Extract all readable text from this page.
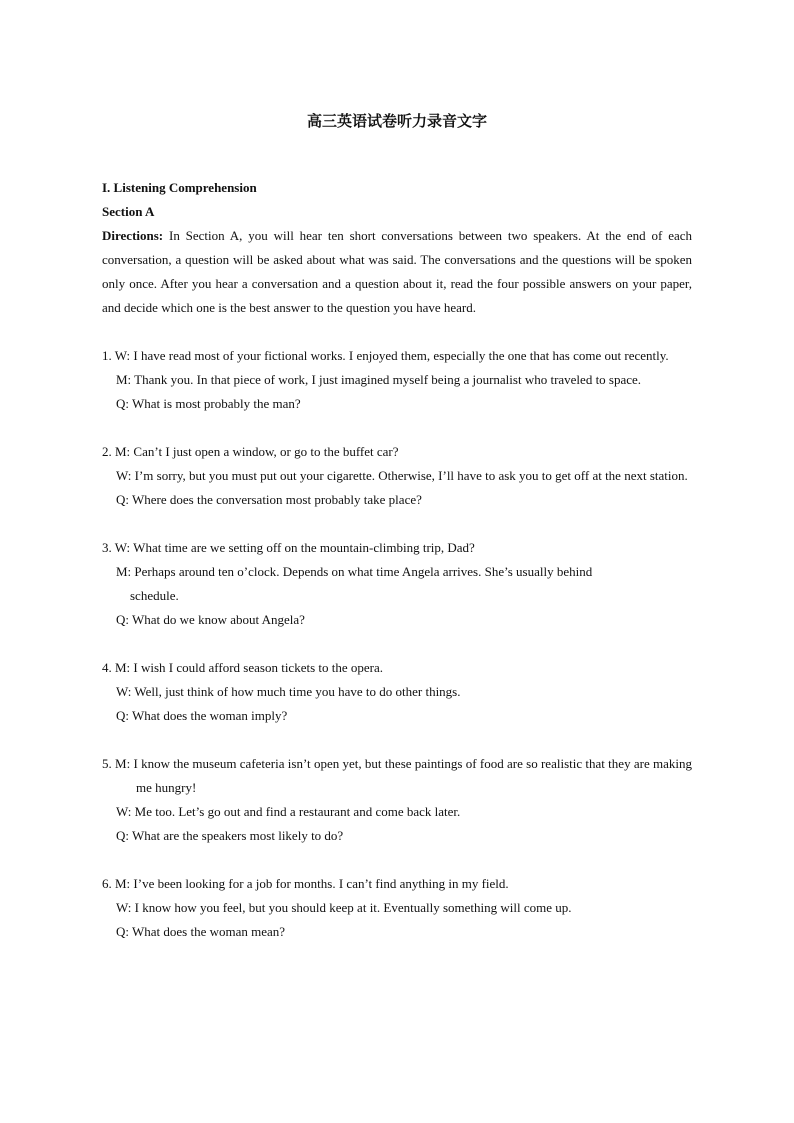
高三英语试卷听力录音文字
I. Listening Comprehension
Section A
Directions: In Section A, you will hear ten short conversations between two speakers. At the end of each conversation, a question will be asked about what was said. The conversations and the questions will be spoken only once. After you hear a conversation and a question about it, read the four possible answers on your paper, and decide which one is the best answer to the question you have heard.
1. W: I have read most of your fictional works. I enjoyed them, especially the one that has come out recently.
M: Thank you. In that piece of work, I just imagined myself being a journalist who traveled to space.
Q: What is most probably the man?
2. M: Can’t I just open a window, or go to the buffet car?
W: I’m sorry, but you must put out your cigarette. Otherwise, I’ll have to ask you to get off at the next station.
Q: Where does the conversation most probably take place?
3. W: What time are we setting off on the mountain-climbing trip, Dad?
M: Perhaps around ten o’clock. Depends on what time Angela arrives. She’s usually behind schedule.
Q: What do we know about Angela?
4. M: I wish I could afford season tickets to the opera.
W: Well, just think of how much time you have to do other things.
Q: What does the woman imply?
5. M: I know the museum cafeteria isn’t open yet, but these paintings of food are so realistic that they are making me hungry!
W: Me too. Let’s go out and find a restaurant and come back later.
Q: What are the speakers most likely to do?
6. M: I’ve been looking for a job for months. I can’t find anything in my field.
W: I know how you feel, but you should keep at it. Eventually something will come up.
Q: What does the woman mean?
